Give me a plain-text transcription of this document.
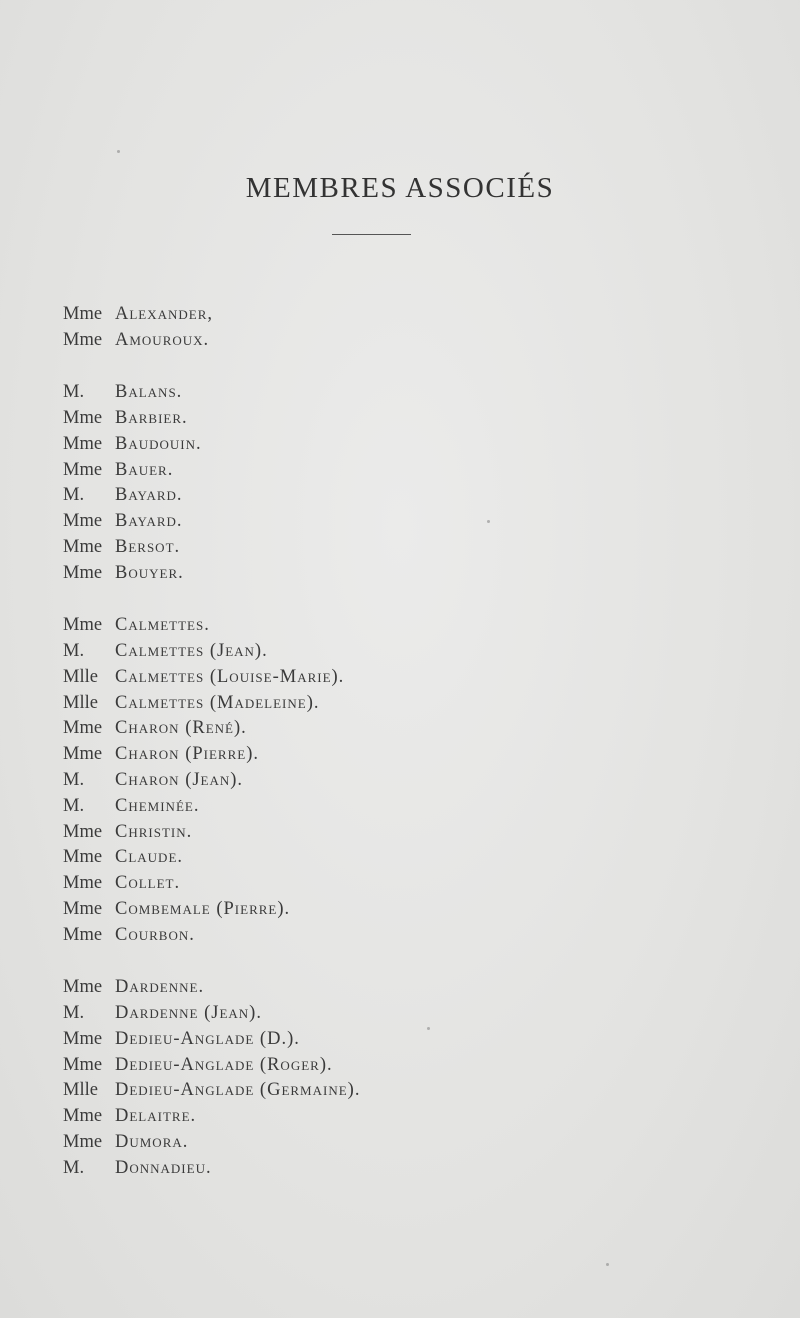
MEMBRES ASSOCIÉS
Mme Alexander,
Mme Amouroux.
M. Balans.
Mme Barbier.
Mme Baudouin.
Mme Bauer.
M. Bayard.
Mme Bayard.
Mme Bersot.
Mme Bouyer.
Mme Calmettes.
M. Calmettes (Jean).
Mlle Calmettes (Louise-Marie).
Mlle Calmettes (Madeleine).
Mme Charon (René).
Mme Charon (Pierre).
M. Charon (Jean).
M. Cheminée.
Mme Christin.
Mme Claude.
Mme Collet.
Mme Combemale (Pierre).
Mme Courbon.
Mme Dardenne.
M. Dardenne (Jean).
Mme Dedieu-Anglade (D.).
Mme Dedieu-Anglade (Roger).
Mlle Dedieu-Anglade (Germaine).
Mme Delaitre.
Mme Dumora.
M. Donnadieu.
